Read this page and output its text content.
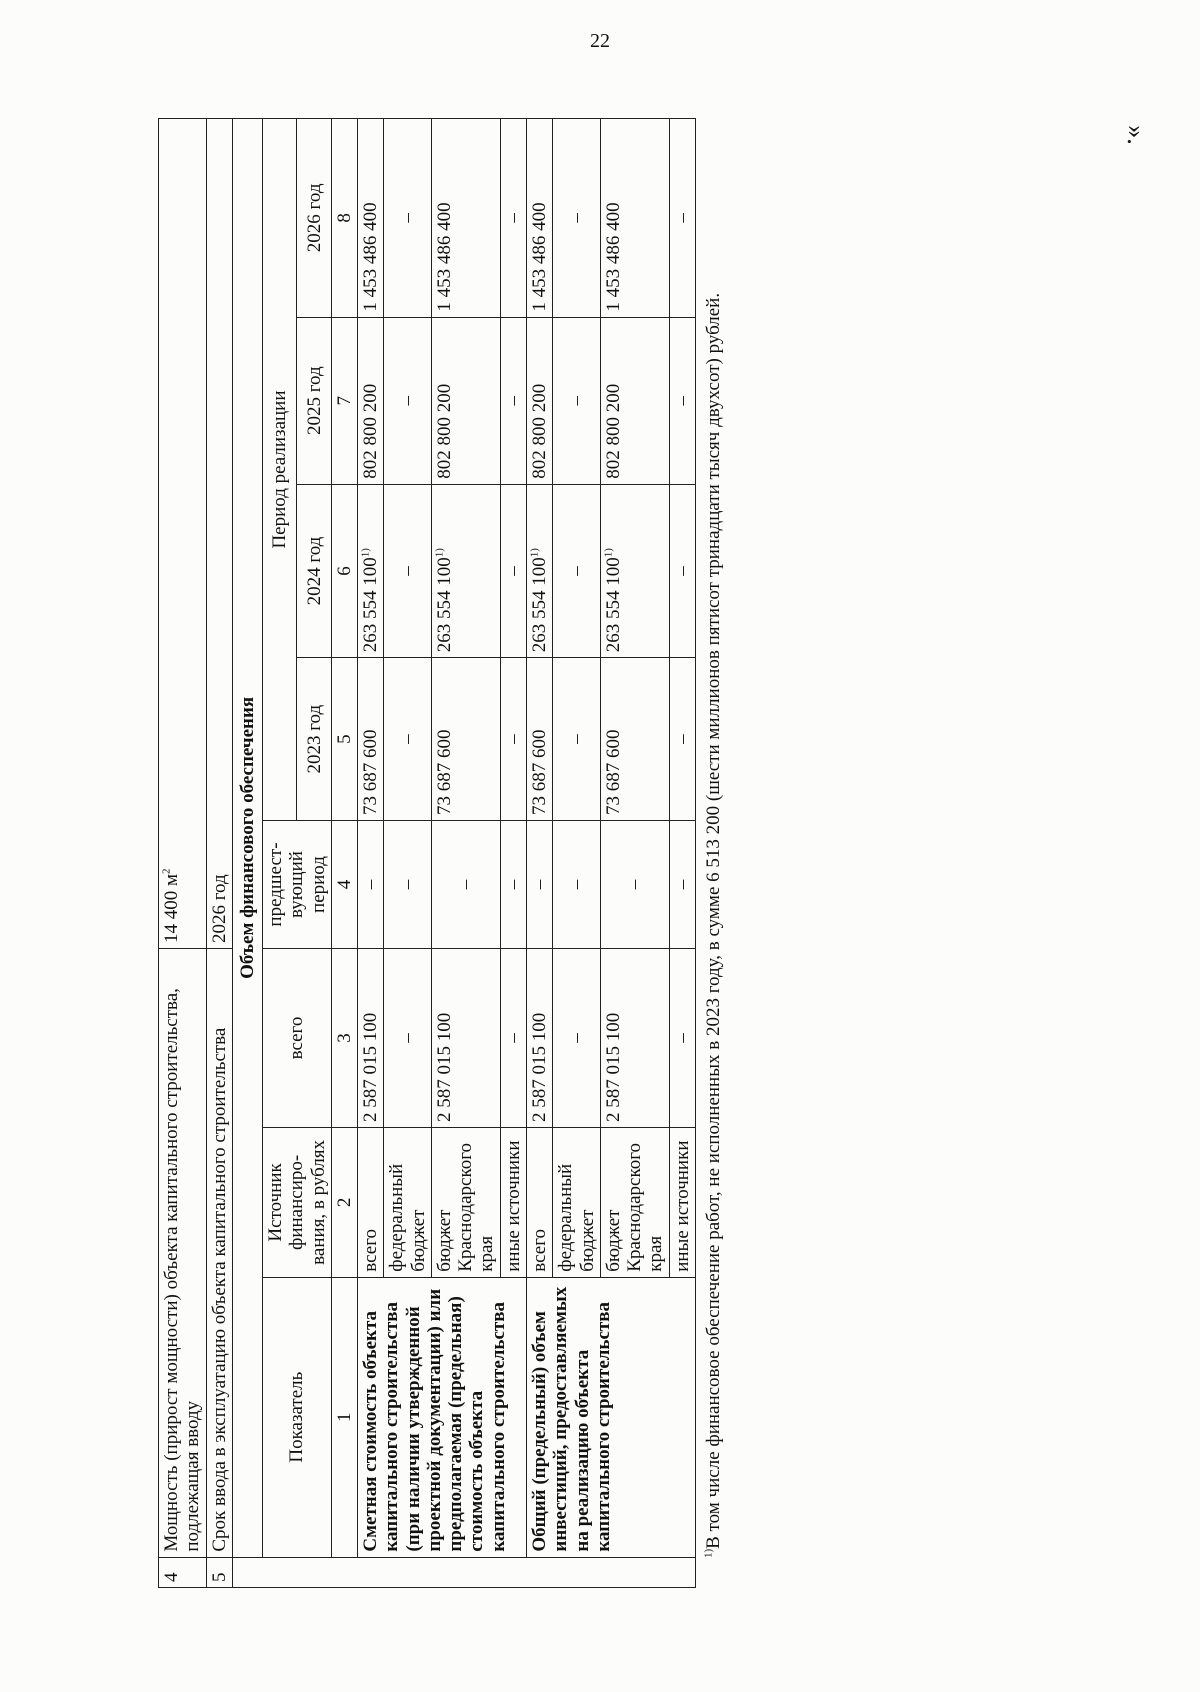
22
».
4	Мощность (прирост мощности) объекта капитального строительства, подлежащая вводу			14 400 $м^2$
5	Срок ввода в эксплуатацию объекта капитального строительства			2026 год				
	Объем финансового обеспечения							
	Показатель	Источник финансиро-вания, в рублях	всего	предшест-вующий период	Период реализации			
					2023 год	2024 год	2025 год	2026 год
	1	2	3	4	5	6	7	8
	Сметная стоимость объекта капитального строительства (при наличии утвержденной проектной документации) или предполагаемая (предельная) стоимость объекта капитального строительства	всего	2 587 015 100	–	73 687 600	263 554 100$^{1)}$	802 800 200	1 453 486 400
		федеральный бюджет	–	–	–	–	–	–
		бюджет Краснодарского края	2 587 015 100	–	73 687 600	263 554 100$^{1)}$	802 800 200	1 453 486 400
		иные источники	–	–	–	–	–	–
	Общий (предельный) объем инвестиций, предоставляемых на реализацию объекта капитального строительства	всего	2 587 015 100	–	73 687 600	263 554 100$^{1)}$	802 800 200	1 453 486 400
		федеральный бюджет	–	–	–	–	–	–
		бюджет Краснодарского края	2 587 015 100	–	73 687 600	263 554 100$^{1)}$	802 800 200	1 453 486 400
		иные источники	–	–	–	–	–	–
$^{1)}$В том числе финансовое обеспечение работ, не исполненных в 2023 году, в сумме 6 513 200 (шести миллионов пятисот тринадцати тысяч двухсот) рублей.
